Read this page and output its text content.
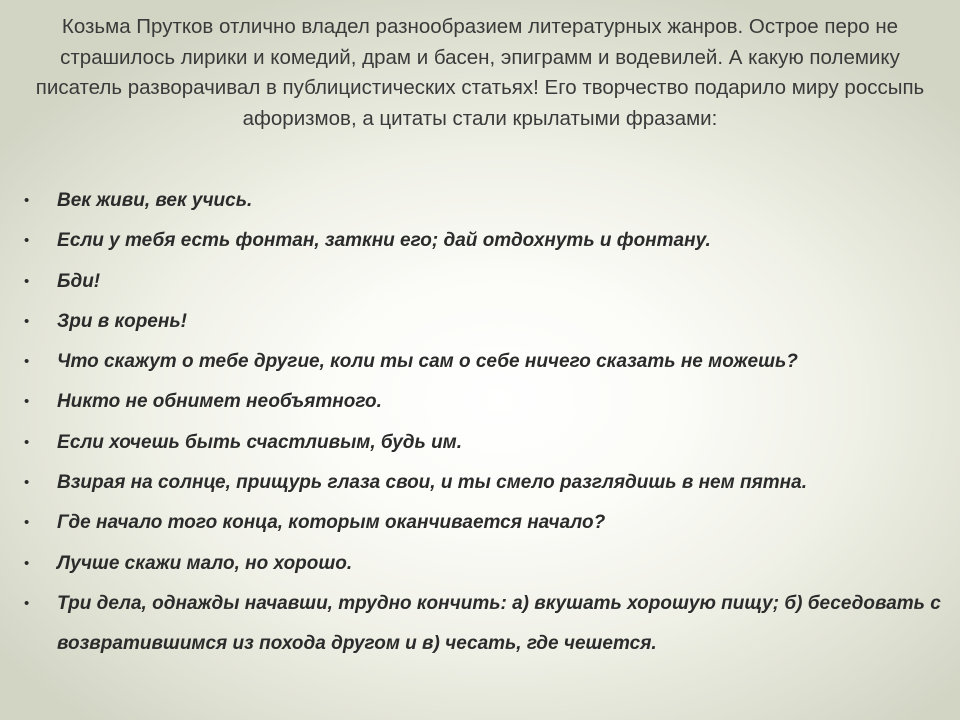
Козьма Прутков отлично владел разнообразием литературных жанров. Острое перо не страшилось лирики и комедий, драм и басен, эпиграмм и водевилей. А какую полемику писатель разворачивал в публицистических статьях! Его творчество подарило миру россыпь афоризмов, а цитаты стали крылатыми фразами:

• Век живи, век учись.
• Если у тебя есть фонтан, заткни его; дай отдохнуть и фонтану.
• Бди!
• Зри в корень!
• Что скажут о тебе другие, коли ты сам о себе ничего сказать не можешь?
• Никто не обнимет необъятного.
• Если хочешь быть счастливым, будь им.
• Взирая на солнце, прищурь глаза свои, и ты смело разглядишь в нем пятна.
• Где начало того конца, которым оканчивается начало?
• Лучше скажи мало, но хорошо.
• Три дела, однажды начавши, трудно кончить: а) вкушать хорошую пищу; б) беседовать с возвратившимся из похода другом и в) чесать, где чешется.
